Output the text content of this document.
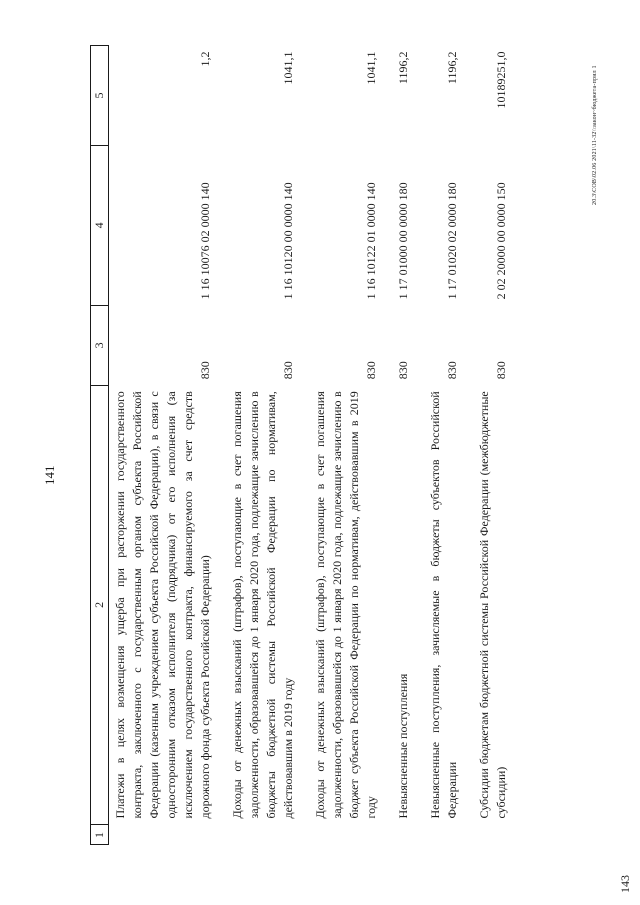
141
1	2	3	4	5
	Платежи в целях возмещения ущерба при расторжении государственного контракта, заключенного с государственным органом субъекта Российской Федерации (казенным учреждением субъекта Российской Федерации), в связи с односторонним отказом исполнителя (подрядчика) от его исполнения (за исключением государственного контракта, финансируемого за счет средств дорожного фонда субъекта Российской Федерации)	830	1 16 10076 02 0000 140	1,2
	Доходы от денежных взысканий (штрафов), поступающие в счет погашения задолженности, образовавшейся до 1 января 2020 года, подлежащие зачислению в бюджеты бюджетной системы Российской Федерации по нормативам, действовавшим в 2019 году	830	1 16 10120 00 0000 140	1041,1
	Доходы от денежных взысканий (штрафов), поступающие в счет погашения задолженности, образовавшейся до 1 января 2020 года, подлежащие зачислению в бюджет субъекта Российской Федерации по нормативам, действовавшим в 2019 году	830	1 16 10122 01 0000 140	1041,1
	Невыясненные поступления	830	1 17 01000 00 0000 180	1196,2
	Невыясненные поступления, зачисляемые в бюджеты субъектов Российской Федерации	830	1 17 01020 02 0000 180	1196,2
	Субсидии бюджетам бюджетной системы Российской Федерации (межбюджетные субсидии)	830	2 02 20000 00 0000 150	10189251,0	20.3\СОВ\02.06 2021\11-32\\закон~бюджета-прил 1
143
